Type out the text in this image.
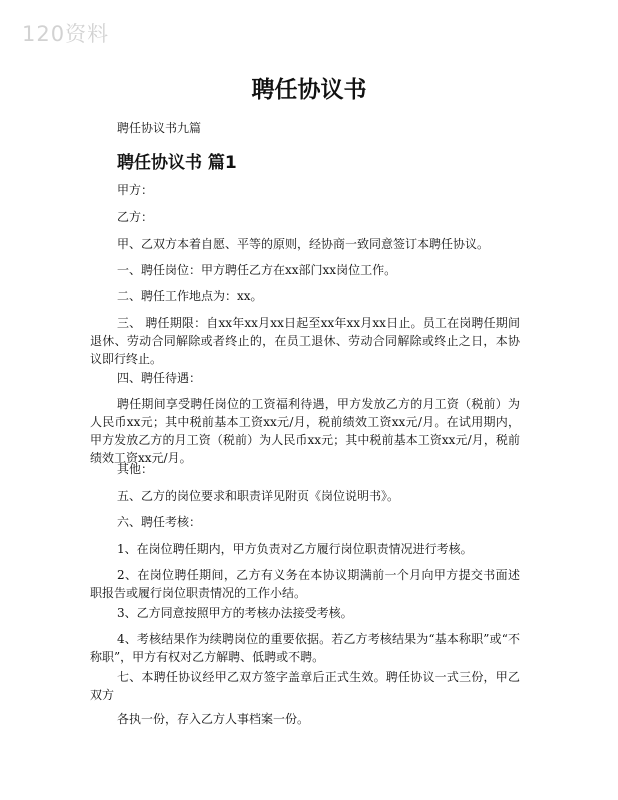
120资料
聘任协议书
聘任协议书九篇
聘任协议书 篇1

甲方：

乙方：

甲、乙双方本着自愿、平等的原则，经协商一致同意签订本聘任协议。

一、聘任岗位：甲方聘任乙方在xx部门xx岗位工作。

二、聘任工作地点为：xx。

三、 聘任期限：自xx年xx月xx日起至xx年xx月xx日止。员工在岗聘任期间退休、劳动合同解除或者终止的，在员工退休、劳动合同解除或终止之日，本协议即行终止。

四、聘任待遇：

聘任期间享受聘任岗位的工资福利待遇，甲方发放乙方的月工资（税前）为人民币xx元；其中税前基本工资xx元/月，税前绩效工资xx元/月。在试用期内，甲方发放乙方的月工资（税前）为人民币xx元；其中税前基本工资xx元/月，税前绩效工资xx元/月。

其他：

五、乙方的岗位要求和职责详见附页《岗位说明书》。

六、聘任考核：

1、在岗位聘任期内，甲方负责对乙方履行岗位职责情况进行考核。

2、在岗位聘任期间，乙方有义务在本协议期满前一个月向甲方提交书面述职报告或履行岗位职责情况的工作小结。

3、乙方同意按照甲方的考核办法接受考核。

4、考核结果作为续聘岗位的重要依据。若乙方考核结果为“基本称职”或“不称职”，甲方有权对乙方解聘、低聘或不聘。

七、本聘任协议经甲乙双方签字盖章后正式生效。聘任协议一式三份，甲乙双方

各执一份，存入乙方人事档案一份。
